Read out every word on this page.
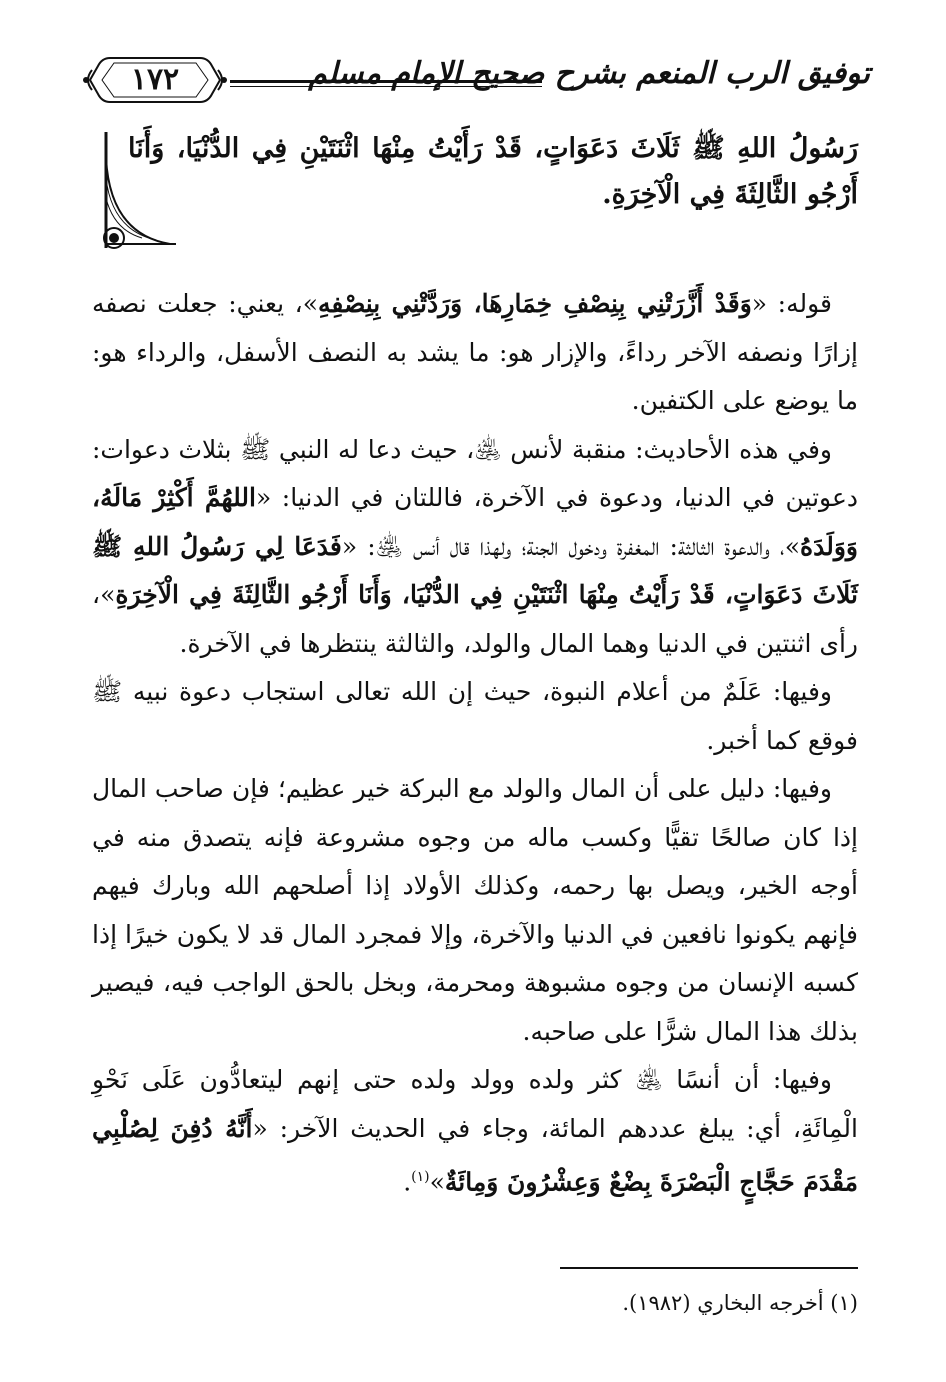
١٧٢	توفيق الرب المنعم بشرح صحيح الإمام مسلم
رَسُولُ اللهِ ﷺ ثَلَاثَ دَعَوَاتٍ، قَدْ رَأَيْتُ مِنْهَا اثْنَتَيْنِ فِي الدُّنْيَا، وَأَنَا أَرْجُو الثَّالِثَةَ فِي الْآخِرَةِ.

قوله: «وَقَدْ أَزَّرَتْنِي بِنِصْفِ خِمَارِهَا، وَرَدَّتْنِي بِنِصْفِهِ»، يعني: جعلت نصفه إزارًا ونصفه الآخر رداءً، والإزار هو: ما يشد به النصف الأسفل، والرداء هو: ما يوضع على الكتفين.

وفي هذه الأحاديث: منقبة لأنس ﵁، حيث دعا له النبي ﷺ بثلاث دعوات: دعوتين في الدنيا، ودعوة في الآخرة، فاللتان في الدنيا: «اللهُمَّ أَكْثِرْ مَالَهُ، وَوَلَدَهُ»، والدعوة الثالثة: المغفرة ودخول الجنة؛ ولهذا قال أنس ﵁: «فَدَعَا لِي رَسُولُ اللهِ ﷺ ثَلَاثَ دَعَوَاتٍ، قَدْ رَأَيْتُ مِنْهَا اثْنَتَيْنِ فِي الدُّنْيَا، وَأَنَا أَرْجُو الثَّالِثَةَ فِي الْآخِرَةِ»، رأى اثنتين في الدنيا وهما المال والولد، والثالثة ينتظرها في الآخرة.

وفيها: عَلَمٌ من أعلام النبوة، حيث إن الله تعالى استجاب دعوة نبيه ﷺ فوقع كما أخبر.

وفيها: دليل على أن المال والولد مع البركة خير عظيم؛ فإن صاحب المال إذا كان صالحًا تقيًّا وكسب ماله من وجوه مشروعة فإنه يتصدق منه في أوجه الخير، ويصل بها رحمه، وكذلك الأولاد إذا أصلحهم الله وبارك فيهم فإنهم يكونوا نافعين في الدنيا والآخرة، وإلا فمجرد المال قد لا يكون خيرًا إذا كسبه الإنسان من وجوه مشبوهة ومحرمة، وبخل بالحق الواجب فيه، فيصير بذلك هذا المال شرًّا على صاحبه.

وفيها: أن أنسًا ﵁ كثر ولده وولد ولده حتى إنهم ليتعادُّون عَلَى نَحْوِ الْمِائَةِ، أي: يبلغ عددهم المائة، وجاء في الحديث الآخر: «أَنَّهُ دُفِنَ لِصُلْبِي مَقْدَمَ حَجَّاجٍ الْبَصْرَةَ بِضْعٌ وَعِشْرُونَ وَمِائَةٌ»$^{(١)}$.

(١) أخرجه البخاري (١٩٨٢).
